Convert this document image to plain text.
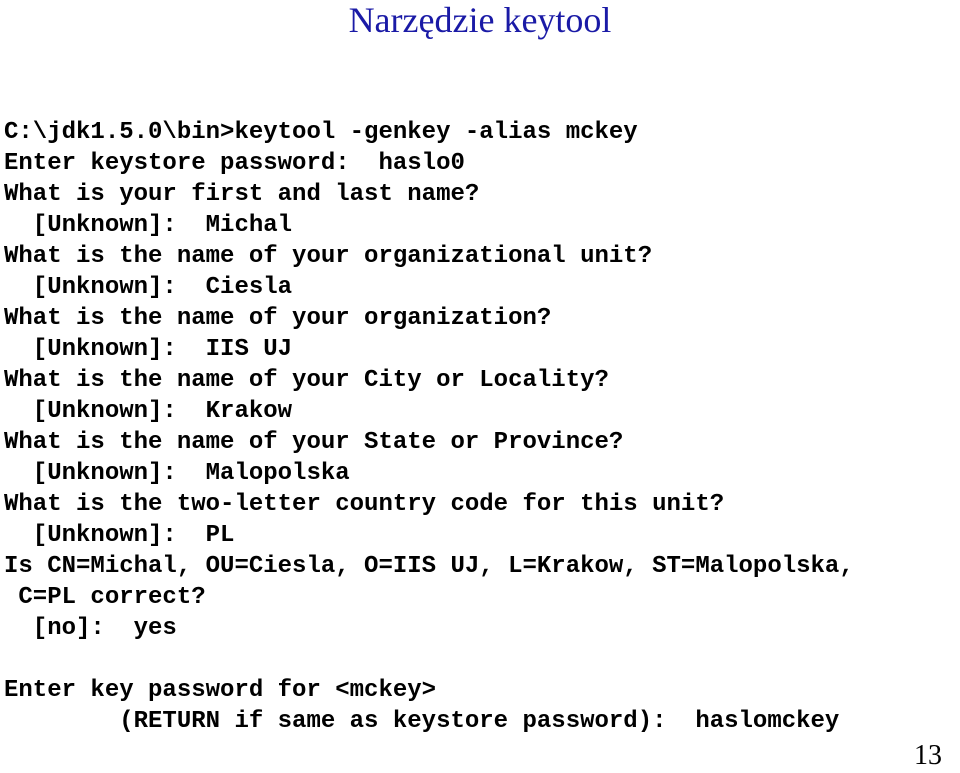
Narzędzie keytool
C:\jdk1.5.0\bin>keytool -genkey -alias mckey
Enter keystore password:  haslo0
What is your first and last name?
[Unknown]:  Michal
What is the name of your organizational unit?
[Unknown]:  Ciesla
What is the name of your organization?
[Unknown]:  IIS UJ
What is the name of your City or Locality?
[Unknown]:  Krakow
What is the name of your State or Province?
[Unknown]:  Malopolska
What is the two-letter country code for this unit?
[Unknown]:  PL
Is CN=Michal, OU=Ciesla, O=IIS UJ, L=Krakow, ST=Malopolska,
C=PL correct?
[no]:  yes
Enter key password for <mckey>
(RETURN if same as keystore password):  haslomckey
13
